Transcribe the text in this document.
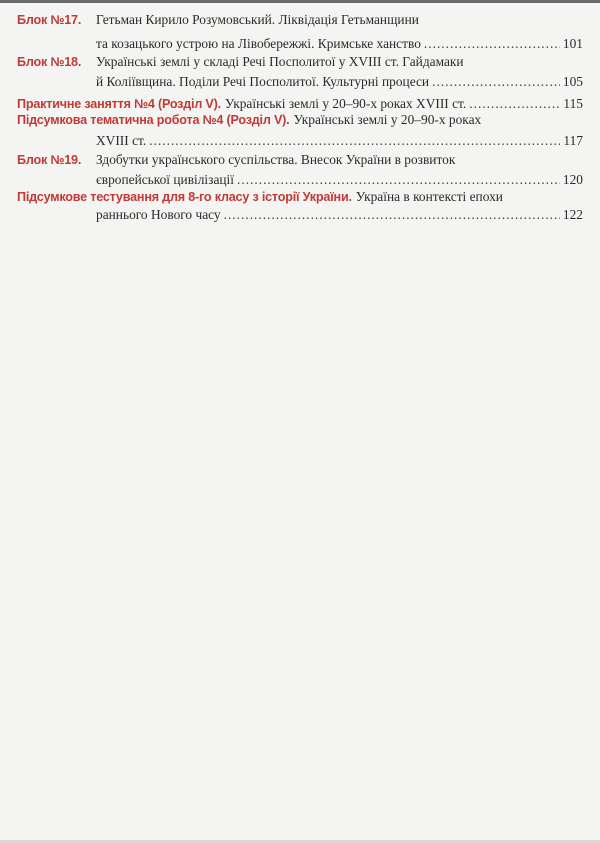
Блок №17. Гетьман Кирило Розумовський. Ліквідація Гетьманщини
та козацького устрою на Лівобережжі. Кримське ханство .....	101
Блок №18. Українські землі у складі Речі Посполитої у XVIII ст. Гайдамаки
й Коліївщина. Поділи Речі Посполитої. Культурні процеси .....	105
Практичне заняття №4 (Розділ V). Українські землі у 20–90-х роках XVIII ст. .....	115
Підсумкова тематична робота №4 (Розділ V). Українські землі у 20–90-х роках
XVIII ст. .....	117
Блок №19. Здобутки українського суспільства. Внесок України в розвиток
європейської цивілізації .....	120
Підсумкове тестування для 8-го класу з історії України. Україна в контексті епохи
раннього Нового часу .....	122
